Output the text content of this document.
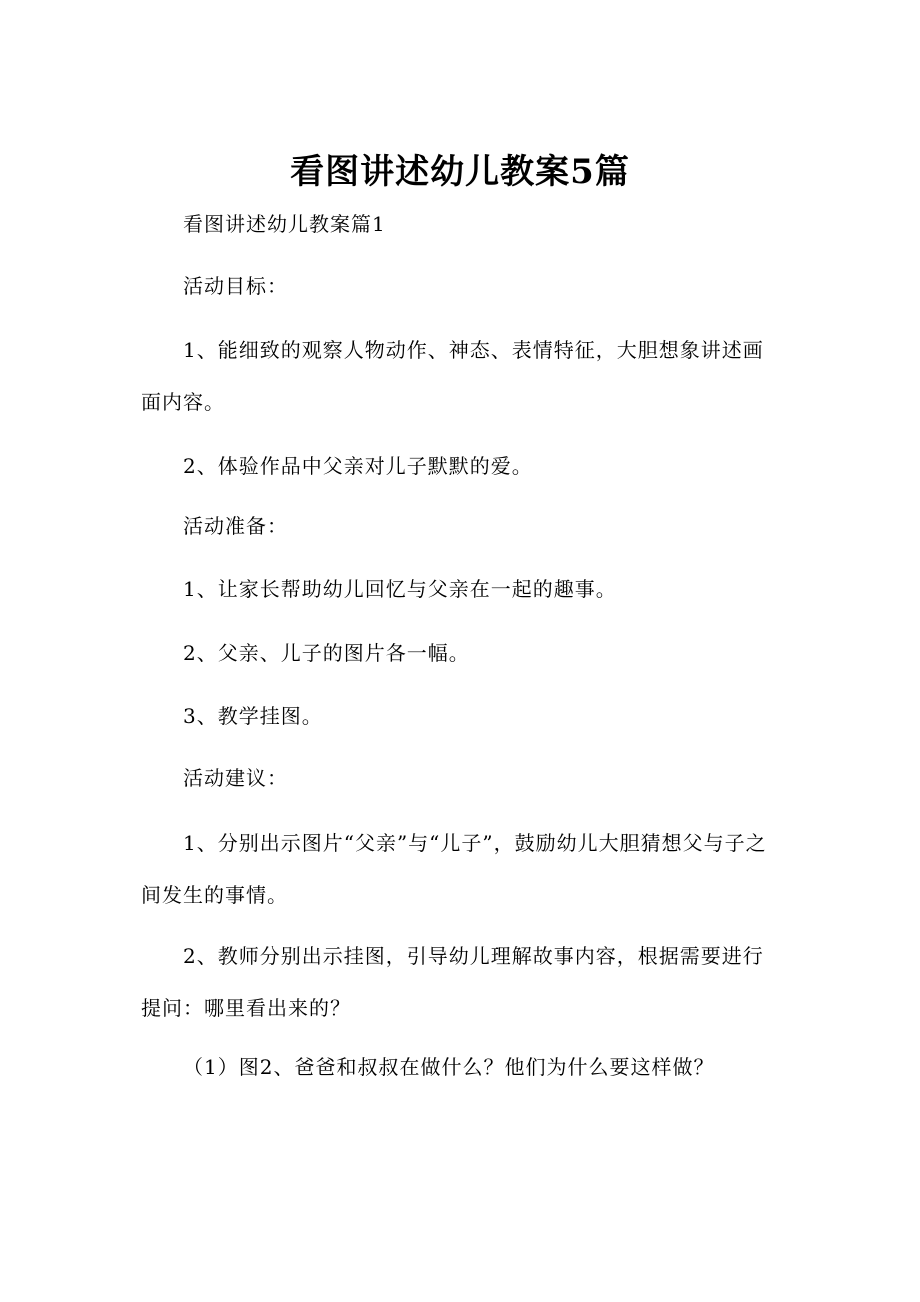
看图讲述幼儿教案5篇
看图讲述幼儿教案篇1
活动目标：
1、能细致的观察人物动作、神态、表情特征，大胆想象讲述画面内容。
2、体验作品中父亲对儿子默默的爱。
活动准备：
1、让家长帮助幼儿回忆与父亲在一起的趣事。
2、父亲、儿子的图片各一幅。
3、教学挂图。
活动建议：
1、分别出示图片“父亲”与“儿子”，鼓励幼儿大胆猜想父与子之间发生的事情。
2、教师分别出示挂图，引导幼儿理解故事内容，根据需要进行提问：哪里看出来的？
（1）图2、爸爸和叔叔在做什么？他们为什么要这样做？
